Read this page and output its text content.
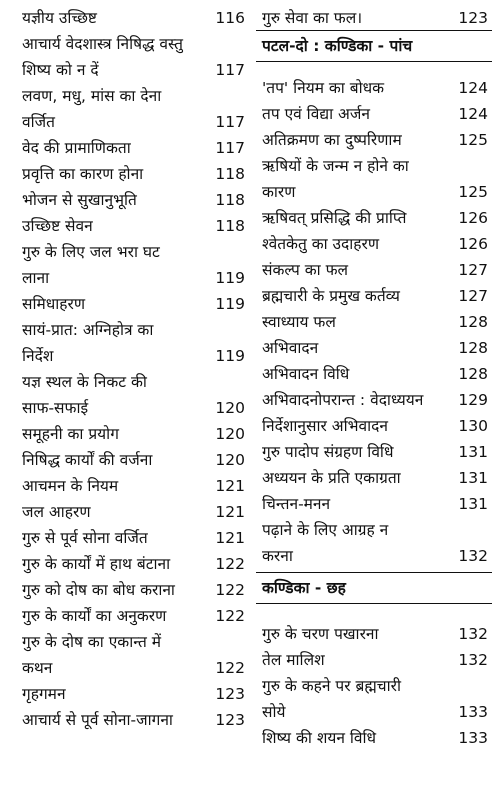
यज्ञीय उच्छिष्ट	116
आचार्य वेदशास्त्र निषिद्ध वस्तु
शिष्य को न दें	117
लवण, मधु, मांस का देना
वर्जित	117
वेद की प्रामाणिकता	117
प्रवृत्ति का कारण होना	118
भोजन से सुखानुभूति	118
उच्छिष्ट सेवन	118
गुरु के लिए जल भरा घट
लाना	119
समिधाहरण	119
सायं-प्रात: अग्निहोत्र का
निर्देश	119
यज्ञ स्थल के निकट की
साफ-सफाई	120
समूहनी का प्रयोग	120
निषिद्ध कार्यों की वर्जना	120
आचमन के नियम	121
जल आहरण	121
गुरु से पूर्व सोना वर्जित	121
गुरु के कार्यों में हाथ बंटाना	122
गुरु को दोष का बोध कराना	122
गुरु के कार्यों का अनुकरण	122
गुरु के दोष का एकान्त में
कथन	122
गृहगमन	123
आचार्य से पूर्व सोना-जागना	123
गुरु सेवा का फल।	123
पटल-दो : कण्डिका - पांच
'तप' नियम का बोधक	124
तप एवं विद्या अर्जन	124
अतिक्रमण का दुष्परिणाम	125
ऋषियों के जन्म न होने का
कारण	125
ऋषिवत् प्रसिद्धि की प्राप्ति	126
श्वेतकेतु का उदाहरण	126
संकल्प का फल	127
ब्रह्मचारी के प्रमुख कर्तव्य	127
स्वाध्याय फल	128
अभिवादन	128
अभिवादन विधि	128
अभिवादनोपरान्त : वेदाध्ययन 129
निर्देशानुसार अभिवादन	130
गुरु पादोप संग्रहण विधि	131
अध्ययन के प्रति एकाग्रता	131
चिन्तन-मनन	131
पढ़ाने के लिए आग्रह न
करना	132
कण्डिका - छह
गुरु के चरण पखारना	132
तेल मालिश	132
गुरु के कहने पर ब्रह्मचारी
सोये	133
शिष्य की शयन विधि	133
